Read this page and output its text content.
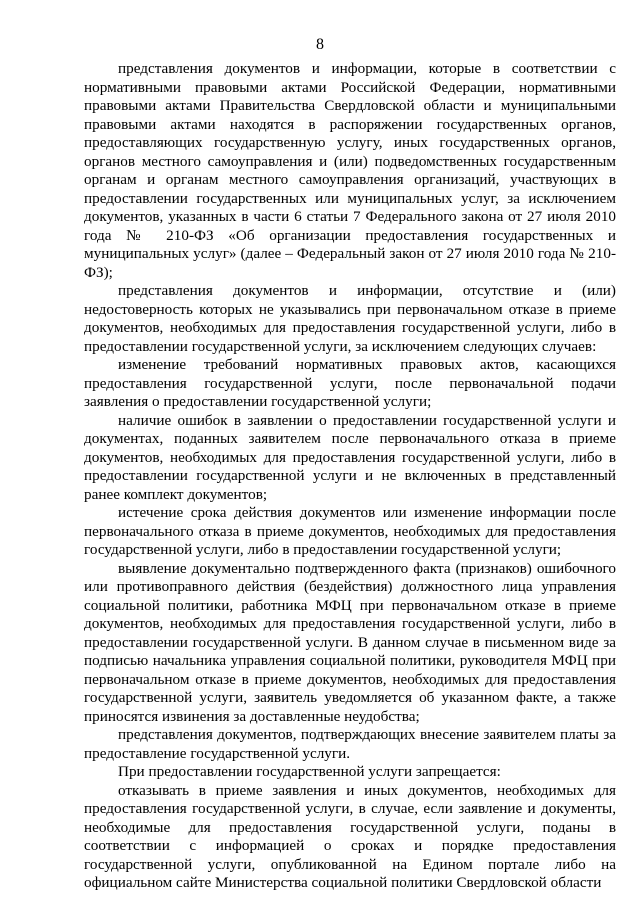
8

представления документов и информации, которые в соответствии с нормативными правовыми актами Российской Федерации, нормативными правовыми актами Правительства Свердловской области и муниципальными правовыми актами находятся в распоряжении государственных органов, предоставляющих государственную услугу, иных государственных органов, органов местного самоуправления и (или) подведомственных государственным органам и органам местного самоуправления организаций, участвующих в предоставлении государственных или муниципальных услуг, за исключением документов, указанных в части 6 статьи 7 Федерального закона от 27 июля 2010 года № 210-ФЗ «Об организации предоставления государственных и муниципальных услуг» (далее – Федеральный закон от 27 июля 2010 года № 210-ФЗ);

представления документов и информации, отсутствие и (или) недостоверность которых не указывались при первоначальном отказе в приеме документов, необходимых для предоставления государственной услуги, либо в предоставлении государственной услуги, за исключением следующих случаев:

изменение требований нормативных правовых актов, касающихся предоставления государственной услуги, после первоначальной подачи заявления о предоставлении государственной услуги;

наличие ошибок в заявлении о предоставлении государственной услуги и документах, поданных заявителем после первоначального отказа в приеме документов, необходимых для предоставления государственной услуги, либо в предоставлении государственной услуги и не включенных в представленный ранее комплект документов;

истечение срока действия документов или изменение информации после первоначального отказа в приеме документов, необходимых для предоставления государственной услуги, либо в предоставлении государственной услуги;

выявление документально подтвержденного факта (признаков) ошибочного или противоправного действия (бездействия) должностного лица управления социальной политики, работника МФЦ при первоначальном отказе в приеме документов, необходимых для предоставления государственной услуги, либо в предоставлении государственной услуги. В данном случае в письменном виде за подписью начальника управления социальной политики, руководителя МФЦ при первоначальном отказе в приеме документов, необходимых для предоставления государственной услуги, заявитель уведомляется об указанном факте, а также приносятся извинения за доставленные неудобства;

представления документов, подтверждающих внесение заявителем платы за предоставление государственной услуги.

При предоставлении государственной услуги запрещается:

отказывать в приеме заявления и иных документов, необходимых для предоставления государственной услуги, в случае, если заявление и документы, необходимые для предоставления государственной услуги, поданы в соответствии с информацией о сроках и порядке предоставления государственной услуги, опубликованной на Едином портале либо на официальном сайте Министерства социальной политики Свердловской области
